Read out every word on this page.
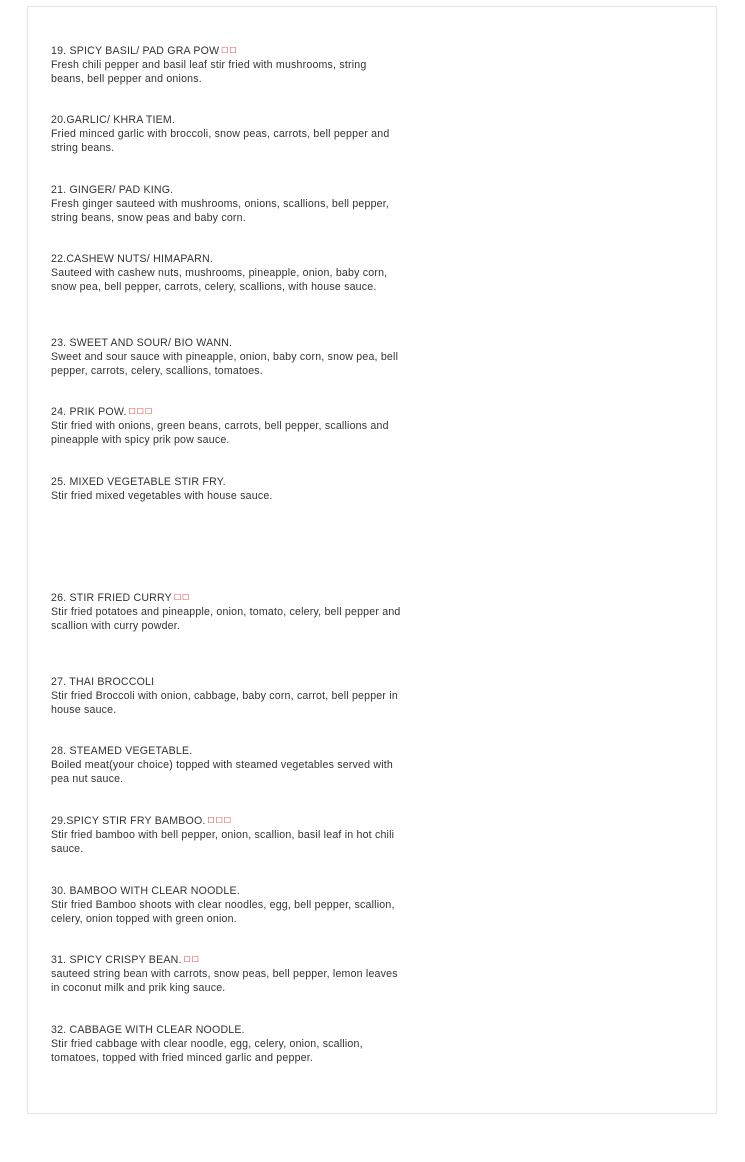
19. SPICY BASIL/ PAD GRA POW ☐☐
Fresh chili pepper and basil leaf stir fried with mushrooms, string beans, bell pepper and onions.
20.GARLIC/ KHRA TIEM.
Fried minced garlic with broccoli, snow peas, carrots, bell pepper and string beans.
21. GINGER/ PAD KING.
Fresh ginger sauteed with mushrooms, onions, scallions, bell pepper, string beans, snow peas and baby corn.
22.CASHEW NUTS/ HIMAPARN.
Sauteed with cashew nuts, mushrooms, pineapple, onion, baby corn, snow pea, bell pepper, carrots, celery, scallions, with house sauce.
23. SWEET AND SOUR/ BIO WANN.
Sweet and sour sauce with pineapple, onion, baby corn, snow pea, bell pepper, carrots, celery, scallions, tomatoes.
24. PRIK POW. ☐☐☐
Stir fried with onions, green beans, carrots, bell pepper, scallions and pineapple with spicy prik pow sauce.
25. MIXED VEGETABLE STIR FRY.
Stir fried mixed vegetables with house sauce.
26. STIR FRIED CURRY ☐☐
Stir fried potatoes and pineapple, onion, tomato, celery, bell pepper and scallion with curry powder.
27. THAI BROCCOLI
Stir fried Broccoli with onion, cabbage, baby corn, carrot, bell pepper in house sauce.
28. STEAMED VEGETABLE.
Boiled meat(your choice) topped with steamed vegetables served with pea nut sauce.
29.SPICY STIR FRY BAMBOO. ☐☐☐
Stir fried bamboo with bell pepper, onion, scallion, basil leaf in hot chili sauce.
30. BAMBOO WITH CLEAR NOODLE.
Stir fried Bamboo shoots with clear noodles, egg, bell pepper, scallion, celery, onion topped with green onion.
31. SPICY CRISPY BEAN. ☐☐
sauteed string bean with carrots, snow peas, bell pepper, lemon leaves in coconut milk and prik king sauce.
32. CABBAGE WITH CLEAR NOODLE.
Stir fried cabbage with clear noodle, egg, celery, onion, scallion, tomatoes, topped with fried minced garlic and pepper.
